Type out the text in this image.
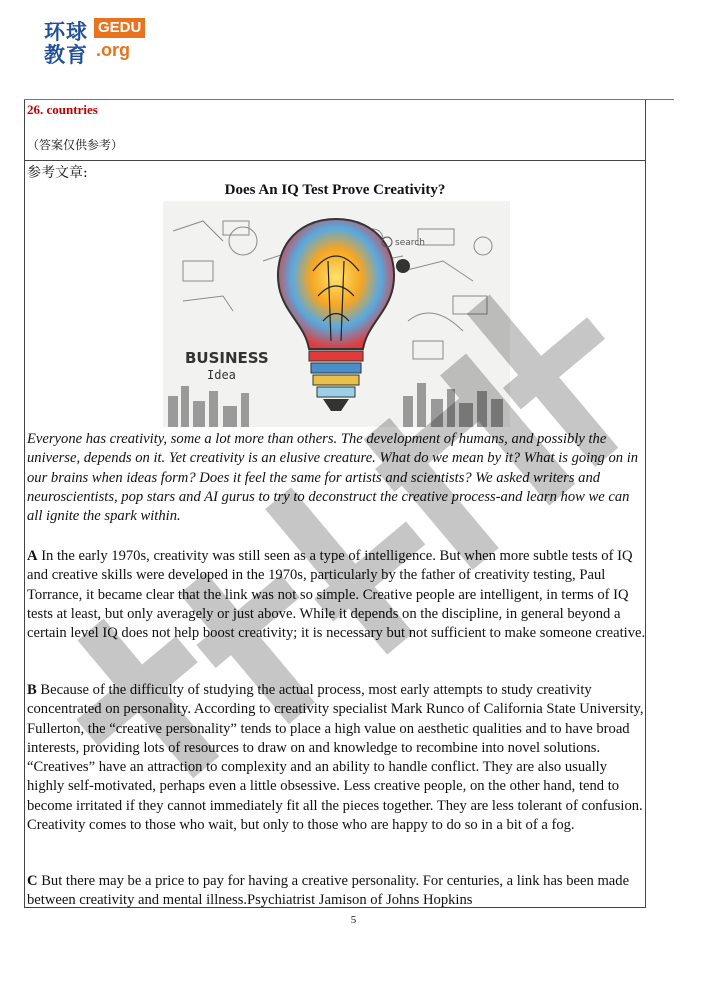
环球
教育
GEDU
.org
26. countries
（答案仅供参考）
参考文章:
Does An IQ Test Prove Creativity?
BUSINESS
Idea
search
Everyone has creativity, some a lot more than others. The development of humans, and possibly the universe, depends on it. Yet creativity is an elusive creature. What do we mean by it? What is going on in our brains when ideas form? Does it feel the same for artists and scientists? We asked writers and neuroscientists, pop stars and AI gurus to try to deconstruct the creative process-and learn how we can all ignite the spark within.
A In the early 1970s, creativity was still seen as a type of intelligence. But when more subtle tests of IQ and creative skills were developed in the 1970s, particularly by the father of creativity testing, Paul Torrance, it became clear that the link was not so simple. Creative people are intelligent, in terms of IQ tests at least, but only averagely or just above. While it depends on the discipline, in general beyond a certain level IQ does not help boost creativity; it is necessary but not sufficient to make someone creative.
B Because of the difficulty of studying the actual process, most early attempts to study creativity concentrated on personality. According to creativity specialist Mark Runco of California State University, Fullerton, the “creative personality” tends to place a high value on aesthetic qualities and to have broad interests, providing lots of resources to draw on and knowledge to recombine into novel solutions. “Creatives” have an attraction to complexity and an ability to handle conflict. They are also usually highly self-motivated, perhaps even a little obsessive. Less creative people, on the other hand, tend to become irritated if they cannot immediately fit all the pieces together. They are less tolerant of confusion. Creativity comes to those who wait, but only to those who are happy to do so in a bit of a fog.
C But there may be a price to pay for having a creative personality. For centuries, a link has been made between creativity and mental illness.Psychiatrist Jamison of Johns Hopkins
5
